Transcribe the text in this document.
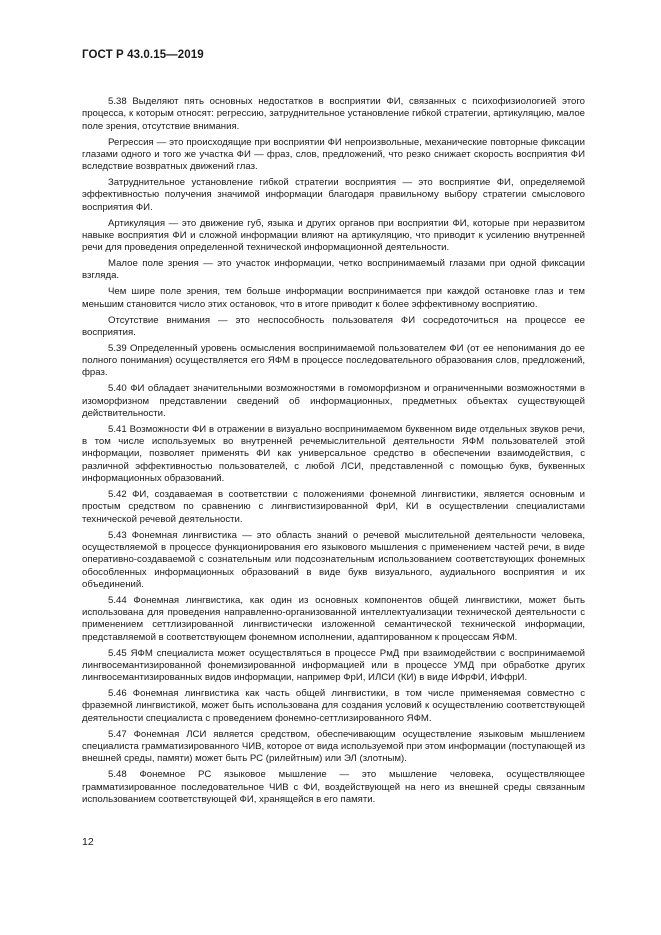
ГОСТ Р 43.0.15—2019

5.38 Выделяют пять основных недостатков в восприятии ФИ, связанных с психофизиологией этого процесса, к которым относят: регрессию, затруднительное установление гибкой стратегии, артикуляцию, малое поле зрения, отсутствие внимания.

Регрессия — это происходящие при восприятии ФИ непроизвольные, механические повторные фиксации глазами одного и того же участка ФИ — фраз, слов, предложений, что резко снижает скорость восприятия ФИ вследствие возвратных движений глаз.

Затруднительное установление гибкой стратегии восприятия — это восприятие ФИ, определяемой эффективностью получения значимой информации благодаря правильному выбору стратегии смыслового восприятия ФИ.

Артикуляция — это движение губ, языка и других органов при восприятии ФИ, которые при неразвитом навыке восприятия ФИ и сложной информации влияют на артикуляцию, что приводит к усилению внутренней речи для проведения определенной технической информационной деятельности.

Малое поле зрения — это участок информации, четко воспринимаемый глазами при одной фиксации взгляда.

Чем шире поле зрения, тем больше информации воспринимается при каждой остановке глаз и тем меньшим становится число этих остановок, что в итоге приводит к более эффективному восприятию.

Отсутствие внимания — это неспособность пользователя ФИ сосредоточиться на процессе ее восприятия.

5.39 Определенный уровень осмысления воспринимаемой пользователем ФИ (от ее непонимания до ее полного понимания) осуществляется его ЯФМ в процессе последовательного образования слов, предложений, фраз.

5.40 ФИ обладает значительными возможностями в гомоморфизном и ограниченными возможностями в изоморфизном представлении сведений об информационных, предметных объектах существующей действительности.

5.41 Возможности ФИ в отражении в визуально воспринимаемом буквенном виде отдельных звуков речи, в том числе используемых во внутренней речемыслительной деятельности ЯФМ пользователей этой информации, позволяет применять ФИ как универсальное средство в обеспечении взаимодействия, с различной эффективностью пользователей, с любой ЛСИ, представленной с помощью букв, буквенных информационных образований.

5.42 ФИ, создаваемая в соответствии с положениями фонемной лингвистики, является основным и простым средством по сравнению с лингвистизированной ФрИ, КИ в осуществлении специалистами технической речевой деятельности.

5.43 Фонемная лингвистика — это область знаний о речевой мыслительной деятельности человека, осуществляемой в процессе функционирования его языкового мышления с применением частей речи, в виде оперативно-создаваемой с сознательным или подсознательным использованием соответствующих фонемных обособленных информационных образований в виде букв визуального, аудиального восприятия и их объединений.

5.44 Фонемная лингвистика, как один из основных компонентов общей лингвистики, может быть использована для проведения направленно-организованной интеллектуализации технической деятельности с применением сеттлизированной лингвистически изложенной семантической технической информации, представляемой в соответствующем фонемном исполнении, адаптированном к процессам ЯФМ.

5.45 ЯФМ специалиста может осуществляться в процессе РмД при взаимодействии с воспринимаемой лингвосемантизированной фонемизированной информацией или в процессе УМД при обработке других лингвосемантизированных видов информации, например ФрИ, ИЛСИ (КИ) в виде ИФрФИ, ИФфрИ.

5.46 Фонемная лингвистика как часть общей лингвистики, в том числе применяемая совместно с фраземной лингвистикой, может быть использована для создания условий к осуществлению соответствующей деятельности специалиста с проведением фонемно-сеттлизированного ЯФМ.

5.47 Фонемная ЛСИ является средством, обеспечивающим осуществление языковым мышлением специалиста грамматизированного ЧИВ, которое от вида используемой при этом информации (поступающей из внешней среды, памяти) может быть РС (рилейтным) или ЭЛ (злотным).

5.48 Фонемное РС языковое мышление — это мышление человека, осуществляющее грамматизированное последовательное ЧИВ с ФИ, воздействующей на него из внешней среды связанным использованием соответствующей ФИ, хранящейся в его памяти.

12
